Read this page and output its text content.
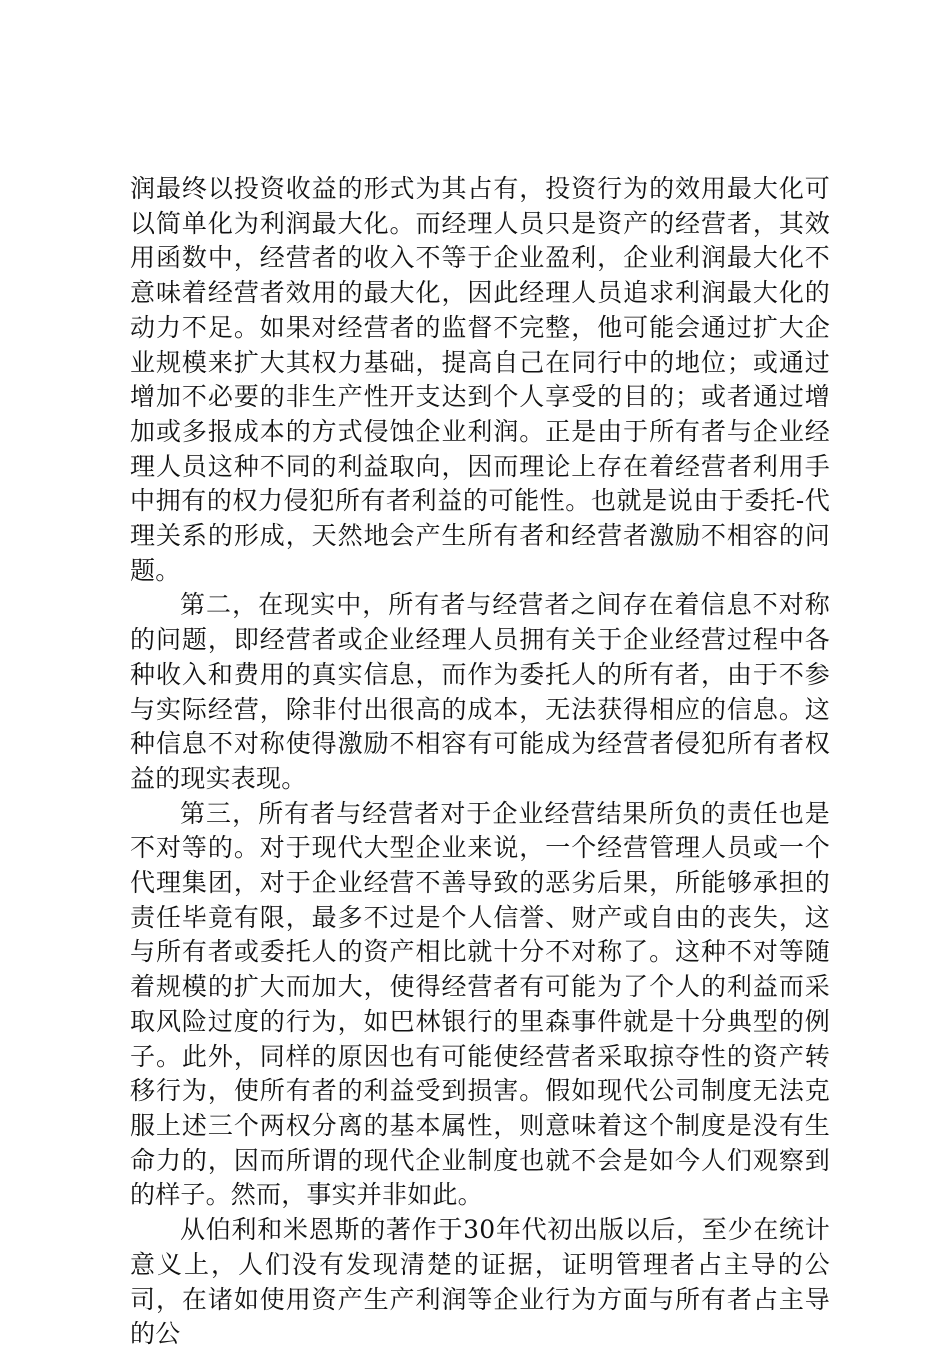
润最终以投资收益的形式为其占有，投资行为的效用最大化可以简单化为利润最大化。而经理人员只是资产的经营者，其效用函数中，经营者的收入不等于企业盈利，企业利润最大化不意味着经营者效用的最大化，因此经理人员追求利润最大化的动力不足。如果对经营者的监督不完整，他可能会通过扩大企业规模来扩大其权力基础，提高自己在同行中的地位；或通过增加不必要的非生产性开支达到个人享受的目的；或者通过增加或多报成本的方式侵蚀企业利润。正是由于所有者与企业经理人员这种不同的利益取向，因而理论上存在着经营者利用手中拥有的权力侵犯所有者利益的可能性。也就是说由于委托-代理关系的形成，天然地会产生所有者和经营者激励不相容的问题。

第二，在现实中，所有者与经营者之间存在着信息不对称的问题，即经营者或企业经理人员拥有关于企业经营过程中各种收入和费用的真实信息，而作为委托人的所有者，由于不参与实际经营，除非付出很高的成本，无法获得相应的信息。这种信息不对称使得激励不相容有可能成为经营者侵犯所有者权益的现实表现。

第三，所有者与经营者对于企业经营结果所负的责任也是不对等的。对于现代大型企业来说，一个经营管理人员或一个代理集团，对于企业经营不善导致的恶劣后果，所能够承担的责任毕竟有限，最多不过是个人信誉、财产或自由的丧失，这与所有者或委托人的资产相比就十分不对称了。这种不对等随着规模的扩大而加大，使得经营者有可能为了个人的利益而采取风险过度的行为，如巴林银行的里森事件就是十分典型的例子。此外，同样的原因也有可能使经营者采取掠夺性的资产转移行为，使所有者的利益受到损害。假如现代公司制度无法克服上述三个两权分离的基本属性，则意味着这个制度是没有生命力的，因而所谓的现代企业制度也就不会是如今人们观察到的样子。然而，事实并非如此。

从伯利和米恩斯的著作于30年代初出版以后，至少在统计意义上，人们没有发现清楚的证据，证明管理者占主导的公司，在诸如使用资产生产利润等企业行为方面与所有者占主导的公
